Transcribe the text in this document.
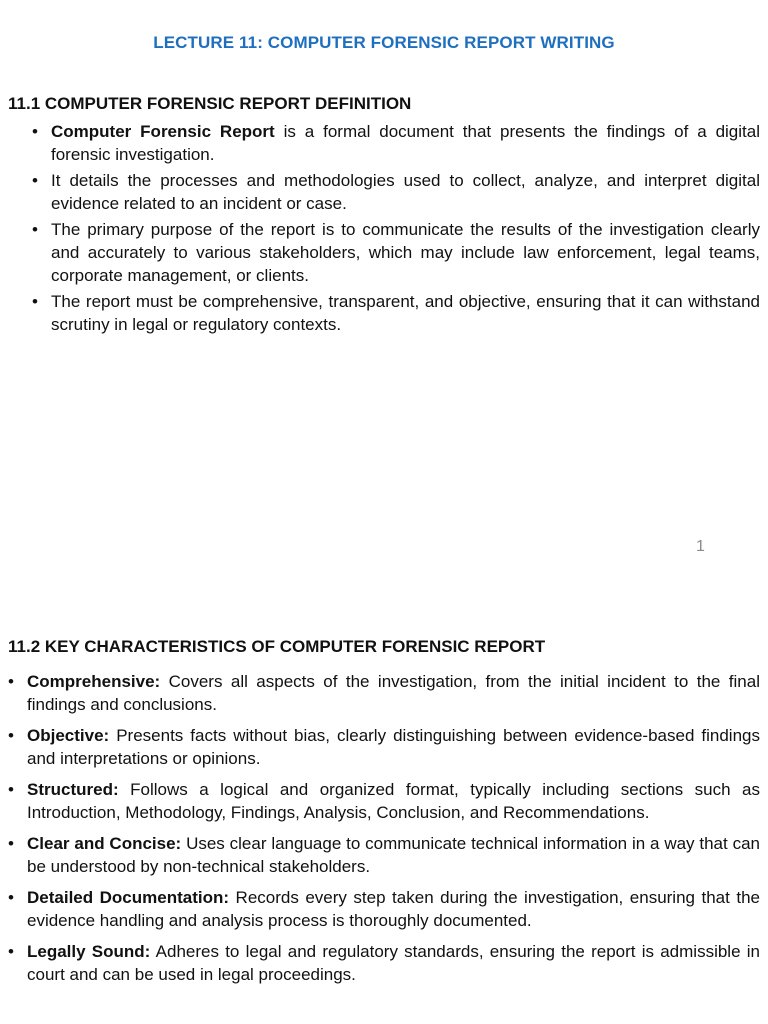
LECTURE 11: COMPUTER FORENSIC REPORT WRITING
11.1 COMPUTER FORENSIC REPORT DEFINITION
• Computer Forensic Report is a formal document that presents the findings of a digital forensic investigation.
• It details the processes and methodologies used to collect, analyze, and interpret digital evidence related to an incident or case.
• The primary purpose of the report is to communicate the results of the investigation clearly and accurately to various stakeholders, which may include law enforcement, legal teams, corporate management, or clients.
• The report must be comprehensive, transparent, and objective, ensuring that it can withstand scrutiny in legal or regulatory contexts.
1
11.2 KEY CHARACTERISTICS OF COMPUTER FORENSIC REPORT
• Comprehensive: Covers all aspects of the investigation, from the initial incident to the final findings and conclusions.
• Objective: Presents facts without bias, clearly distinguishing between evidence-based findings and interpretations or opinions.
• Structured: Follows a logical and organized format, typically including sections such as Introduction, Methodology, Findings, Analysis, Conclusion, and Recommendations.
• Clear and Concise: Uses clear language to communicate technical information in a way that can be understood by non-technical stakeholders.
• Detailed Documentation: Records every step taken during the investigation, ensuring that the evidence handling and analysis process is thoroughly documented.
• Legally Sound: Adheres to legal and regulatory standards, ensuring the report is admissible in court and can be used in legal proceedings.
